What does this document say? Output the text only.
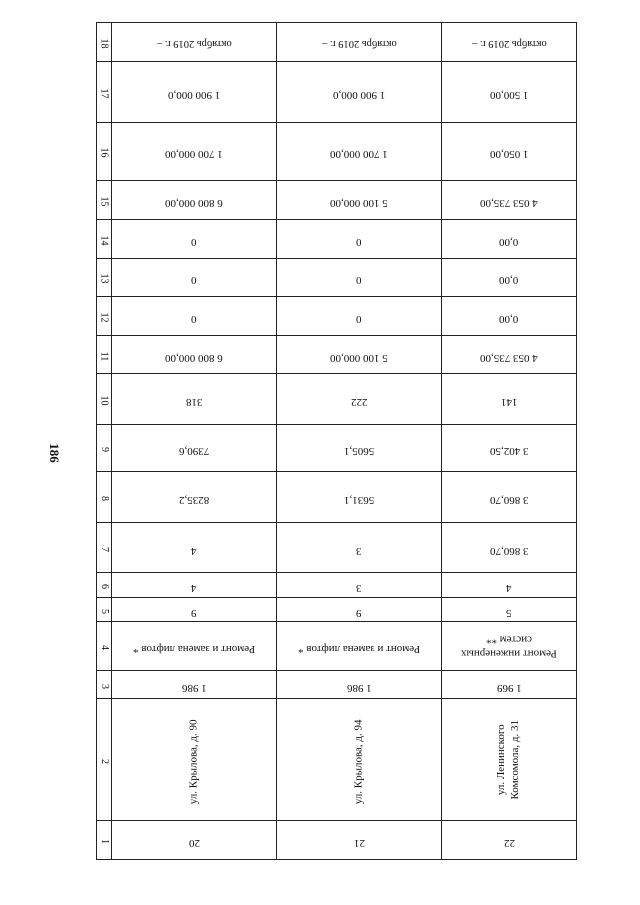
186
18	октябрь 2019 г. –	октябрь 2019 г. –	октябрь 2019 г. –
17	1 900 000,0	1 900 000,0	1 500,00
16	1 700 000,00	1 700 000,00	1 050,00
15	6 800 000,00	5 100 000,00	4 053 735,00
14	0	0	0,00
13	0	0	0,00
12	0	0	0,00
11	6 800 000,00	5 100 000,00	4 053 735,00
10	318	222	141
9	7390,6	5605,1	3 402,50
8	8235,2	5631,1	3 860,70
7	4	3	3 860,70
6	4	3	4
5	9	9	5
4	Ремонт и замена лифтов *	Ремонт и замена лифтов *	Ремонт инженерных
систем **
3	1 986	1 986	1 969
2	ул. Крылова, д. 90	ул. Крылова, д. 94	ул. Ленинского Комсомола, д. 31
1	20	21	22
